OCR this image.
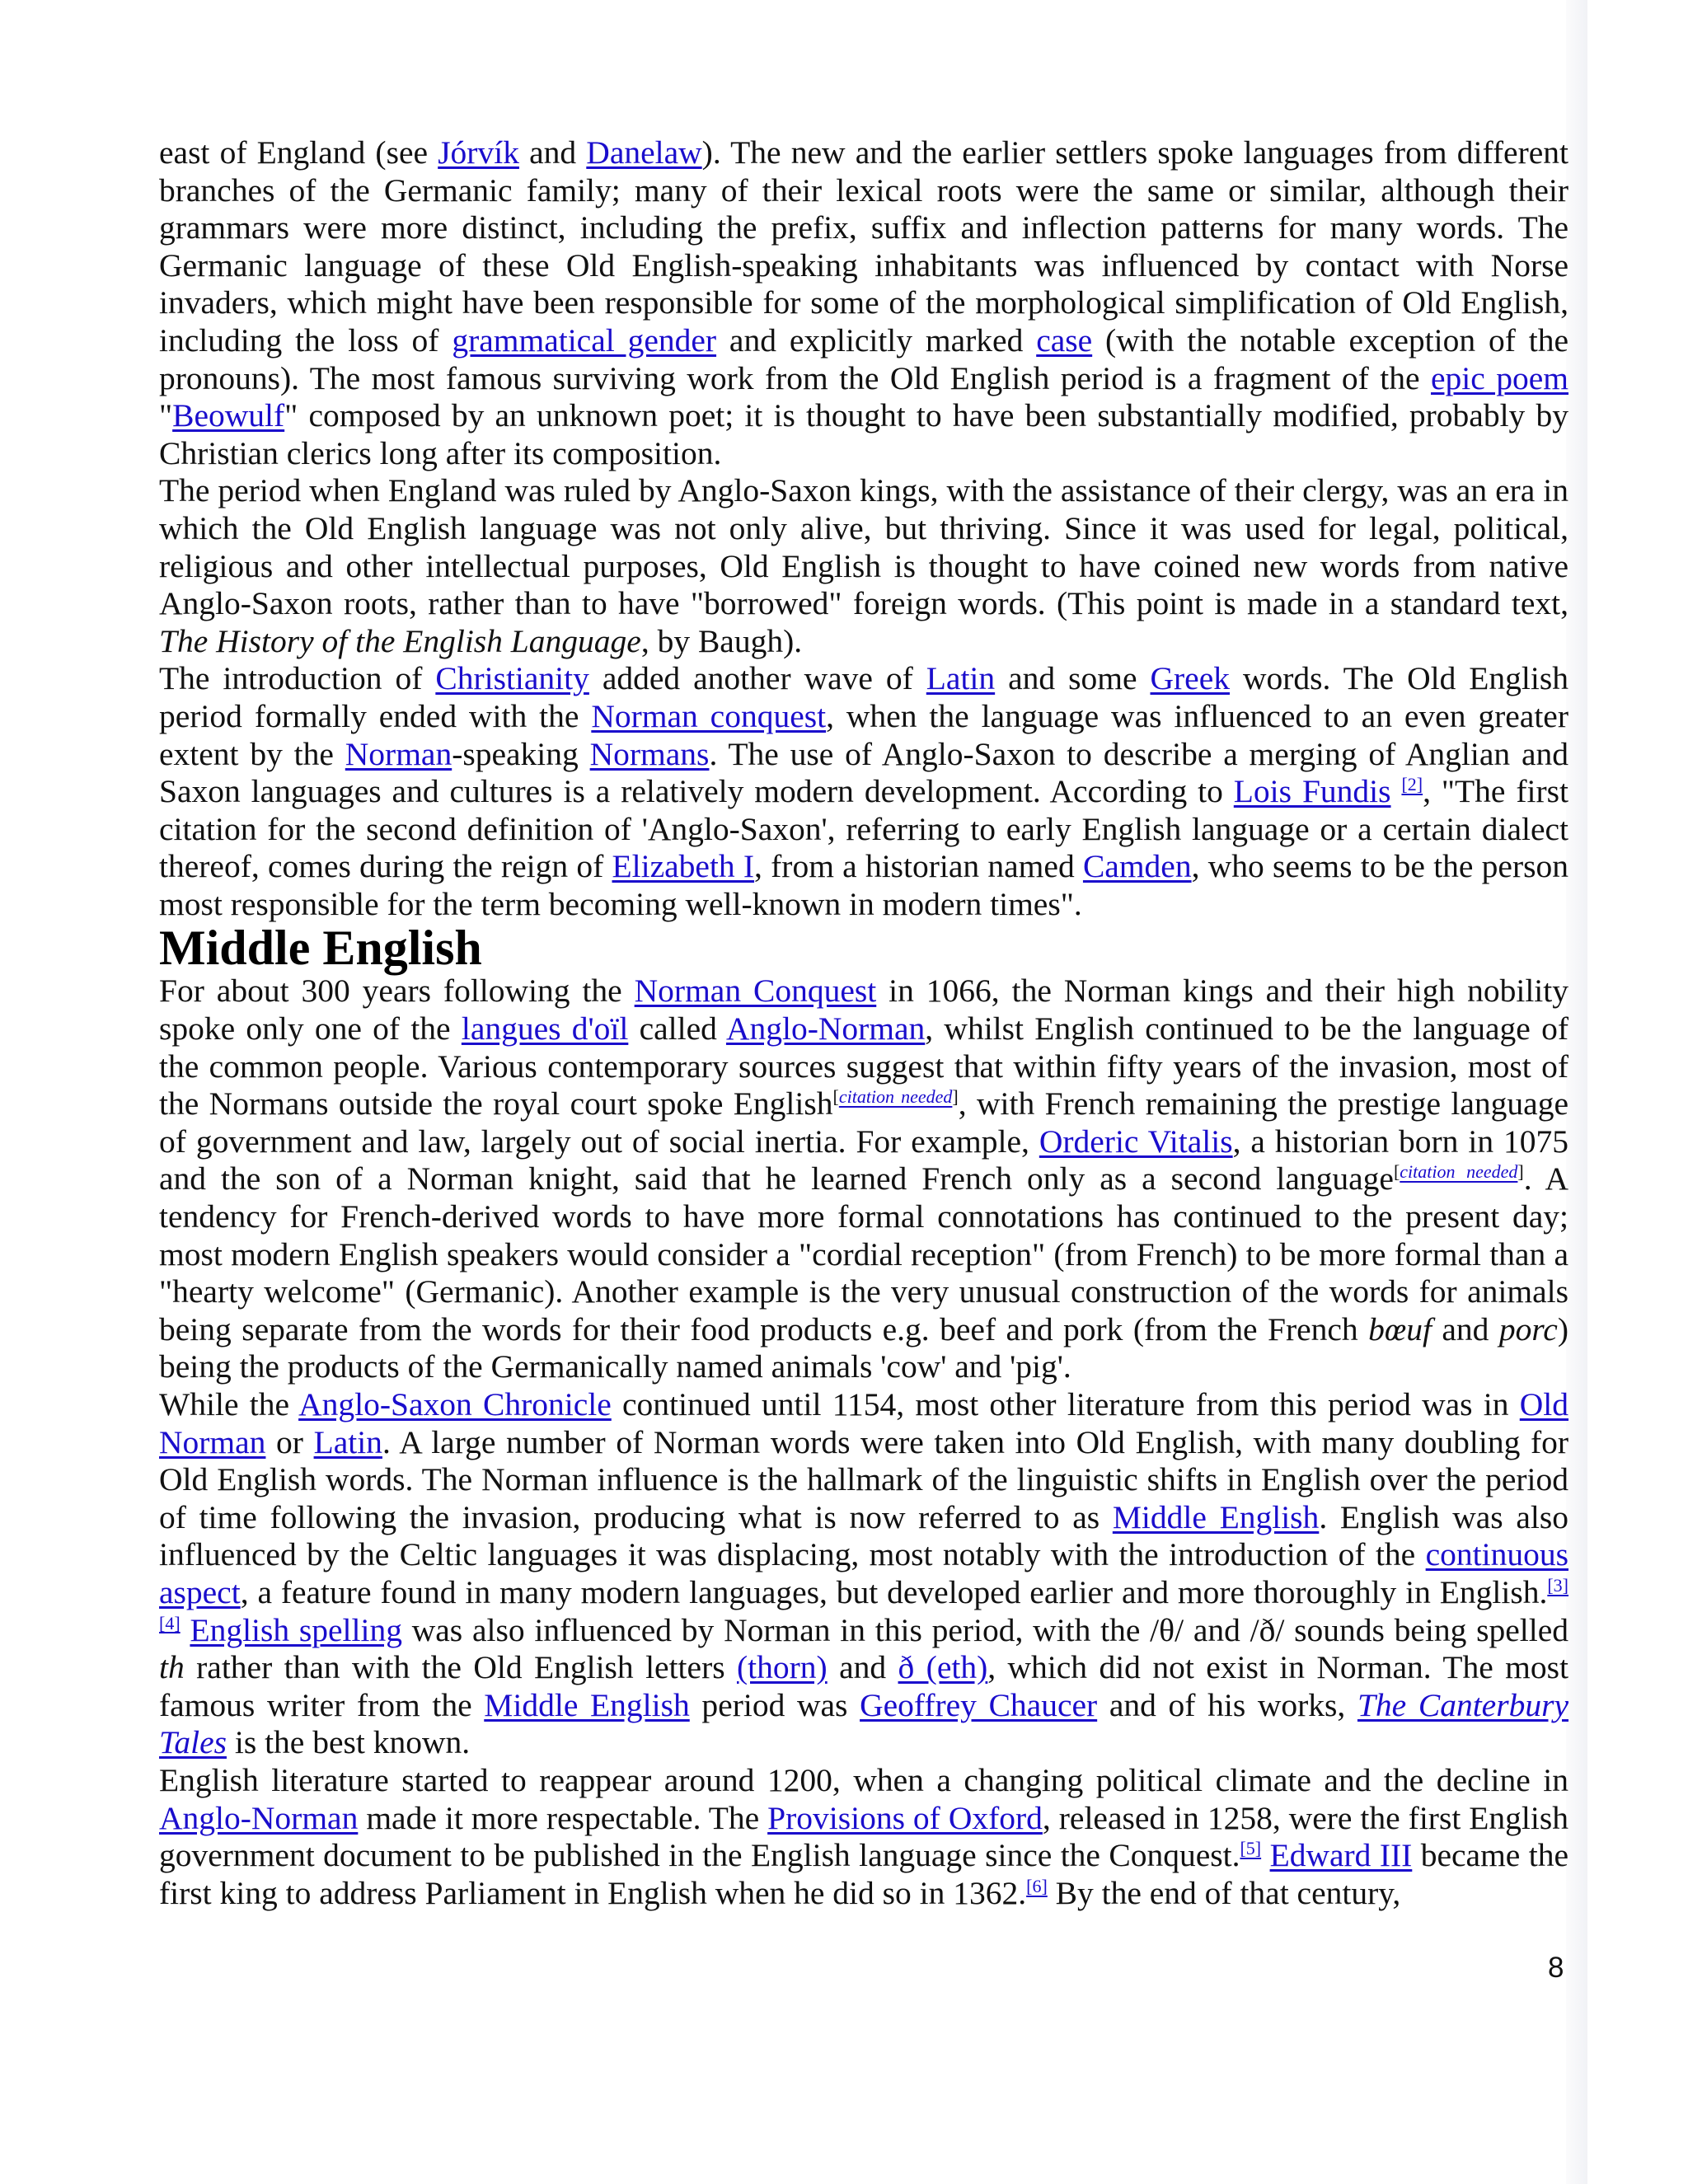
east of England (see Jórvík and Danelaw). The new and the earlier settlers spoke languages from different branches of the Germanic family; many of their lexical roots were the same or similar, although their grammars were more distinct, including the prefix, suffix and inflection patterns for many words. The Germanic language of these Old English-speaking inhabitants was influenced by contact with Norse invaders, which might have been responsible for some of the morphological simplification of Old English, including the loss of grammatical gender and explicitly marked case (with the notable exception of the pronouns). The most famous surviving work from the Old English period is a fragment of the epic poem "Beowulf" composed by an unknown poet; it is thought to have been substantially modified, probably by Christian clerics long after its composition.

The period when England was ruled by Anglo-Saxon kings, with the assistance of their clergy, was an era in which the Old English language was not only alive, but thriving. Since it was used for legal, political, religious and other intellectual purposes, Old English is thought to have coined new words from native Anglo-Saxon roots, rather than to have "borrowed" foreign words. (This point is made in a standard text, The History of the English Language, by Baugh).

The introduction of Christianity added another wave of Latin and some Greek words. The Old English period formally ended with the Norman conquest, when the language was influenced to an even greater extent by the Norman-speaking Normans. The use of Anglo-Saxon to describe a merging of Anglian and Saxon languages and cultures is a relatively modern development. According to Lois Fundis [2], "The first citation for the second definition of 'Anglo-Saxon', referring to early English language or a certain dialect thereof, comes during the reign of Elizabeth I, from a historian named Camden, who seems to be the person most responsible for the term becoming well-known in modern times".

Middle English

For about 300 years following the Norman Conquest in 1066, the Norman kings and their high nobility spoke only one of the langues d'oïl called Anglo-Norman, whilst English continued to be the language of the common people. Various contemporary sources suggest that within fifty years of the invasion, most of the Normans outside the royal court spoke English[citation needed], with French remaining the prestige language of government and law, largely out of social inertia. For example, Orderic Vitalis, a historian born in 1075 and the son of a Norman knight, said that he learned French only as a second language[citation needed]. A tendency for French-derived words to have more formal connotations has continued to the present day; most modern English speakers would consider a "cordial reception" (from French) to be more formal than a "hearty welcome" (Germanic). Another example is the very unusual construction of the words for animals being separate from the words for their food products e.g. beef and pork (from the French bœuf and porc) being the products of the Germanically named animals 'cow' and 'pig'.

While the Anglo-Saxon Chronicle continued until 1154, most other literature from this period was in Old Norman or Latin. A large number of Norman words were taken into Old English, with many doubling for Old English words. The Norman influence is the hallmark of the linguistic shifts in English over the period of time following the invasion, producing what is now referred to as Middle English. English was also influenced by the Celtic languages it was displacing, most notably with the introduction of the continuous aspect, a feature found in many modern languages, but developed earlier and more thoroughly in English.[3][4] English spelling was also influenced by Norman in this period, with the /θ/ and /ð/ sounds being spelled th rather than with the Old English letters (thorn) and ð (eth), which did not exist in Norman. The most famous writer from the Middle English period was Geoffrey Chaucer and of his works, The Canterbury Tales is the best known.

English literature started to reappear around 1200, when a changing political climate and the decline in Anglo-Norman made it more respectable. The Provisions of Oxford, released in 1258, were the first English government document to be published in the English language since the Conquest.[5] Edward III became the first king to address Parliament in English when he did so in 1362.[6] By the end of that century,

8
